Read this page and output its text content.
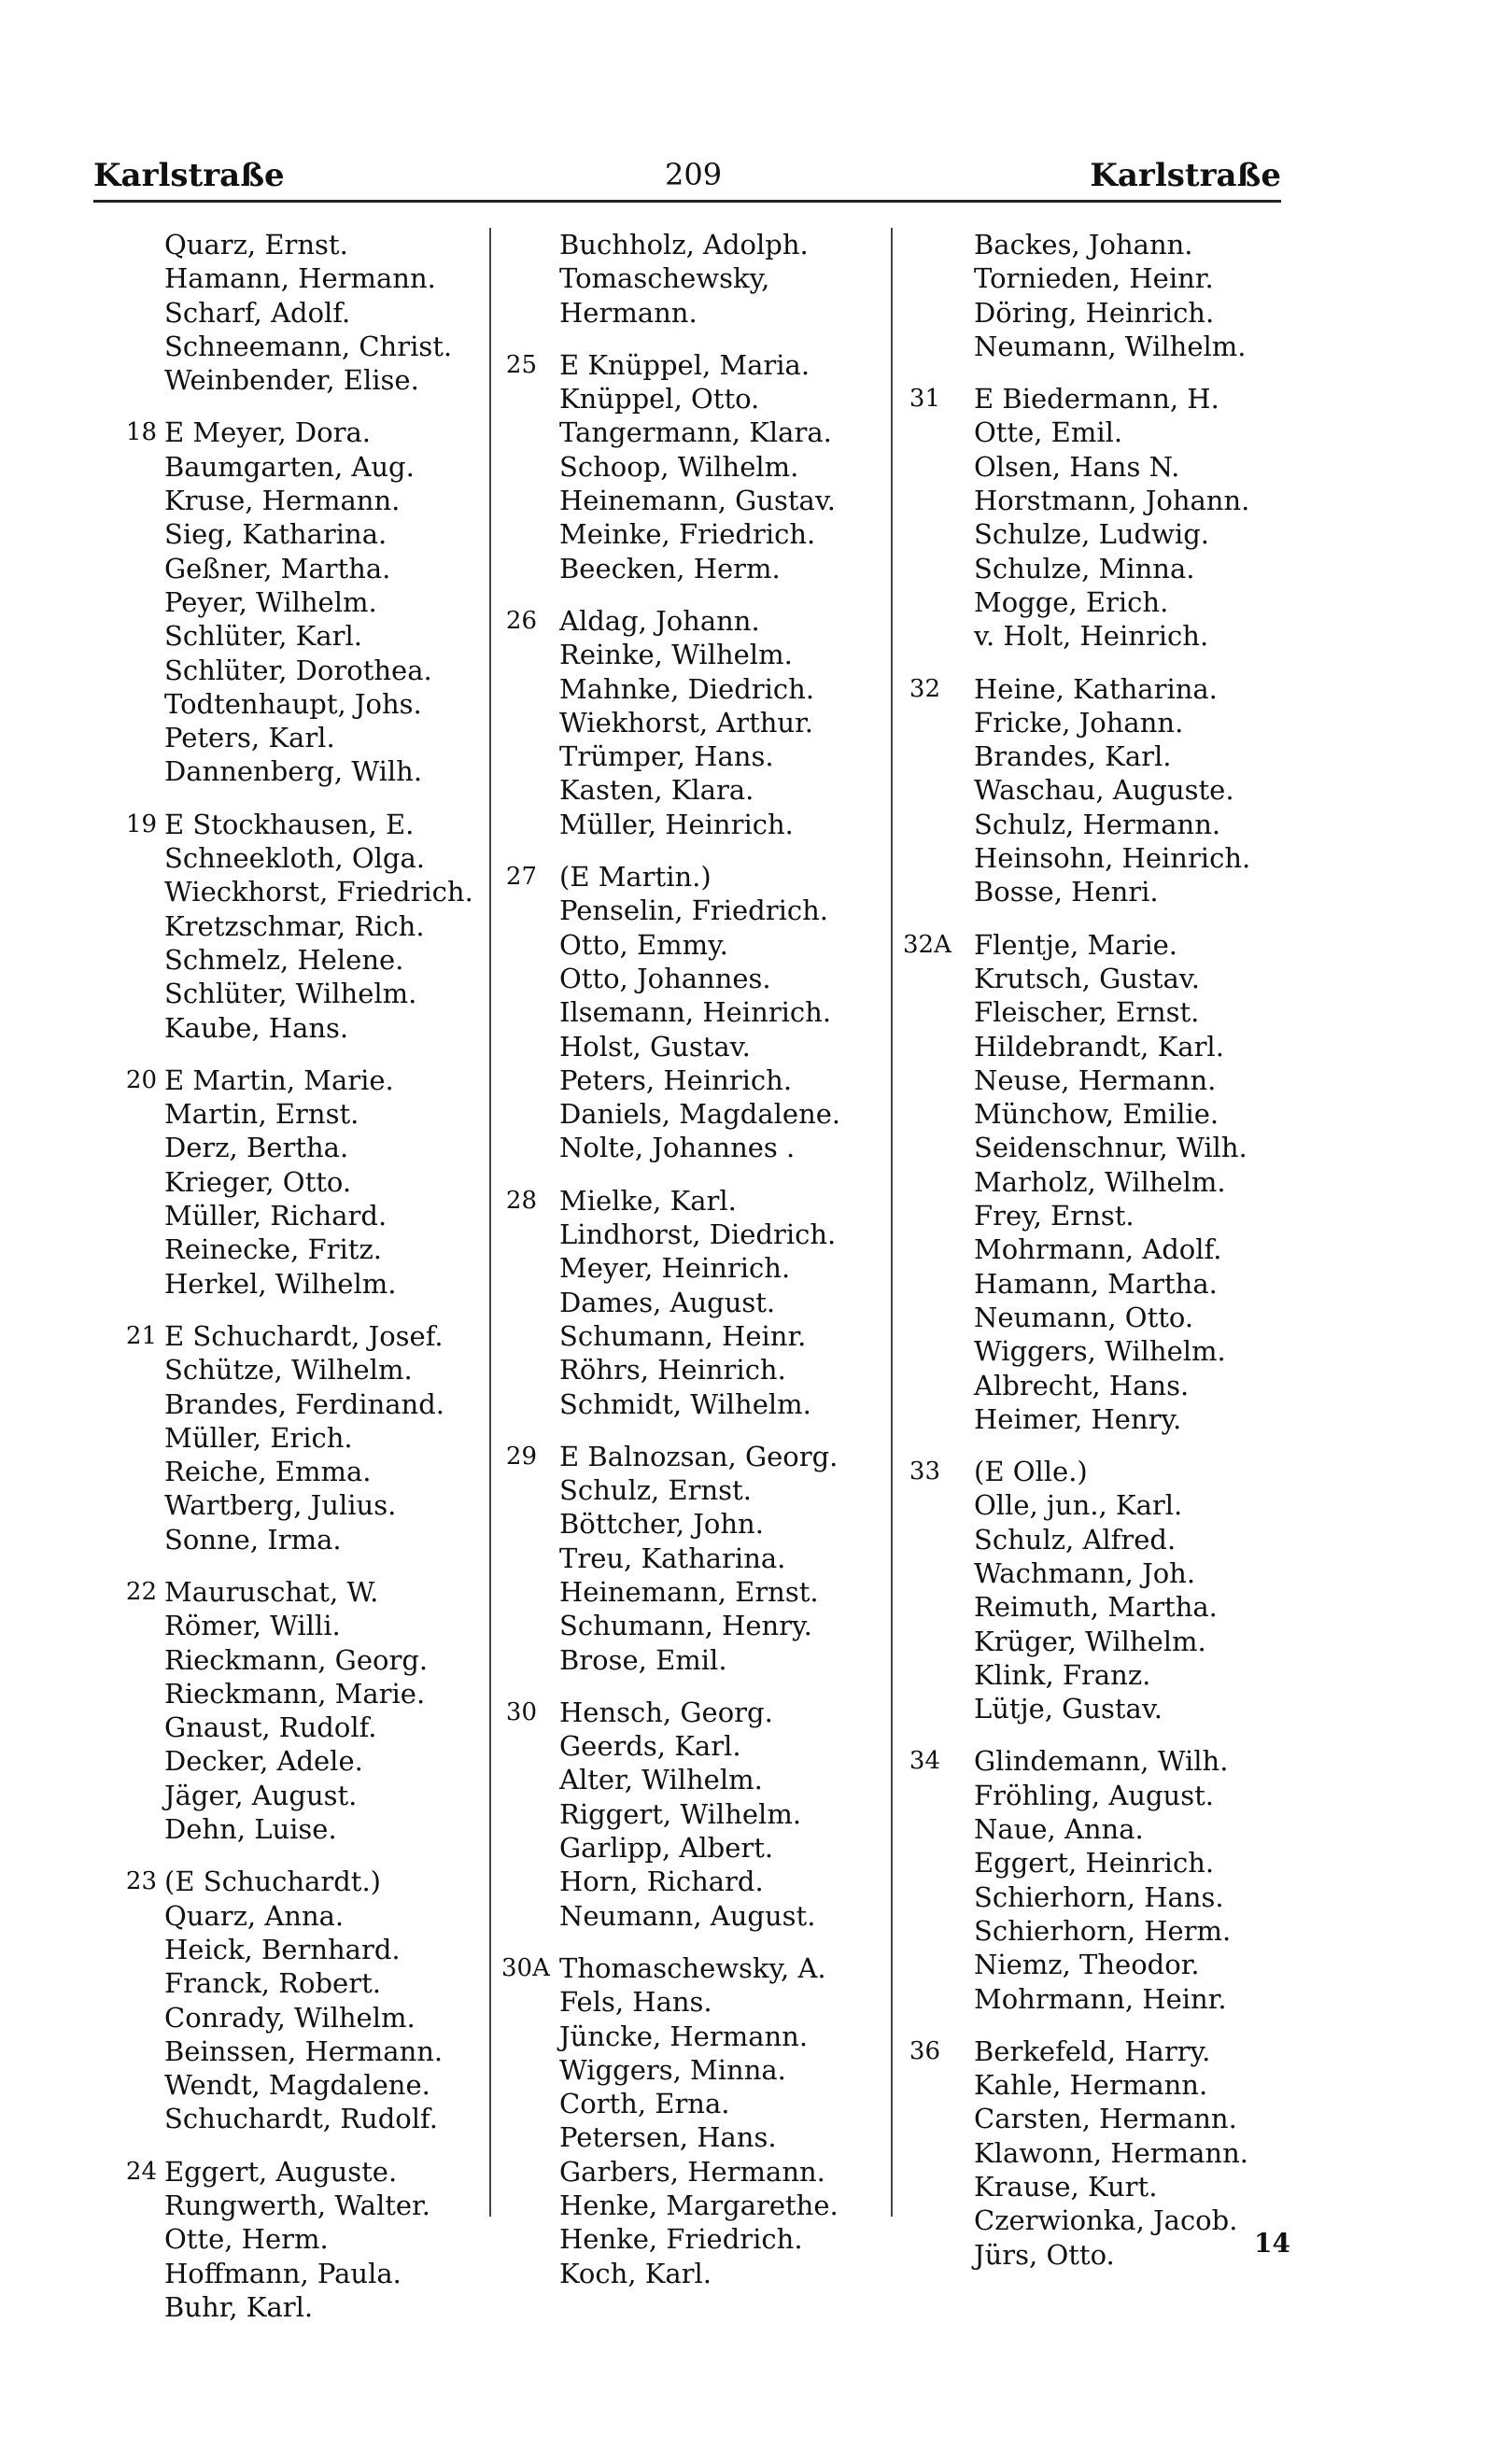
Karlstraße	209	Karlstraße
Quarz, Ernst.
Hamann, Hermann.
Scharf, Adolf.
Schneemann, Christ.
Weinbender, Elise.
18 E Meyer, Dora.
Baumgarten, Aug.
Kruse, Hermann.
Sieg, Katharina.
Geßner, Martha.
Peyer, Wilhelm.
Schlüter, Karl.
Schlüter, Dorothea.
Todtenhaupt, Johs.
Peters, Karl.
Dannenberg, Wilh.
19 E Stockhausen, E.
Schneekloth, Olga.
Wieckhorst, Friedrich.
Kretzschmar, Rich.
Schmelz, Helene.
Schlüter, Wilhelm.
Kaube, Hans.
20 E Martin, Marie.
Martin, Ernst.
Derz, Bertha.
Krieger, Otto.
Müller, Richard.
Reinecke, Fritz.
Herkel, Wilhelm.
21 E Schuchardt, Josef.
Schütze, Wilhelm.
Brandes, Ferdinand.
Müller, Erich.
Reiche, Emma.
Wartberg, Julius.
Sonne, Irma.
22 Mauruschat, W.
Römer, Willi.
Rieckmann, Georg.
Rieckmann, Marie.
Gnaust, Rudolf.
Decker, Adele.
Jäger, August.
Dehn, Luise.
23 (E Schuchardt.)
Quarz, Anna.
Heick, Bernhard.
Franck, Robert.
Conrady, Wilhelm.
Beinssen, Hermann.
Wendt, Magdalene.
Schuchardt, Rudolf.
24 Eggert, Auguste.
Rungwerth, Walter.
Otte, Herm.
Hoffmann, Paula.
Buhr, Karl.
Buchholz, Adolph.
Tomaschewsky,
Hermann.
25 E Knüppel, Maria.
Knüppel, Otto.
Tangermann, Klara.
Schoop, Wilhelm.
Heinemann, Gustav.
Meinke, Friedrich.
Beecken, Herm.
26 Aldag, Johann.
Reinke, Wilhelm.
Mahnke, Diedrich.
Wiekhorst, Arthur.
Trümper, Hans.
Kasten, Klara.
Müller, Heinrich.
27 (E Martin.)
Penselin, Friedrich.
Otto, Emmy.
Otto, Johannes.
Ilsemann, Heinrich.
Holst, Gustav.
Peters, Heinrich.
Daniels, Magdalene.
Nolte, Johannes .
28 Mielke, Karl.
Lindhorst, Diedrich.
Meyer, Heinrich.
Dames, August.
Schumann, Heinr.
Röhrs, Heinrich.
Schmidt, Wilhelm.
29 E Balnozsan, Georg.
Schulz, Ernst.
Böttcher, John.
Treu, Katharina.
Heinemann, Ernst.
Schumann, Henry.
Brose, Emil.
30 Hensch, Georg.
Geerds, Karl.
Alter, Wilhelm.
Riggert, Wilhelm.
Garlipp, Albert.
Horn, Richard.
Neumann, August.
30A Thomaschewsky, A.
Fels, Hans.
Jüncke, Hermann.
Wiggers, Minna.
Corth, Erna.
Petersen, Hans.
Garbers, Hermann.
Henke, Margarethe.
Henke, Friedrich.
Koch, Karl.
Backes, Johann.
Tornieden, Heinr.
Döring, Heinrich.
Neumann, Wilhelm.
31 E Biedermann, H.
Otte, Emil.
Olsen, Hans N.
Horstmann, Johann.
Schulze, Ludwig.
Schulze, Minna.
Mogge, Erich.
v. Holt, Heinrich.
32 Heine, Katharina.
Fricke, Johann.
Brandes, Karl.
Waschau, Auguste.
Schulz, Hermann.
Heinsohn, Heinrich.
Bosse, Henri.
32A Flentje, Marie.
Krutsch, Gustav.
Fleischer, Ernst.
Hildebrandt, Karl.
Neuse, Hermann.
Münchow, Emilie.
Seidenschnur, Wilh.
Marholz, Wilhelm.
Frey, Ernst.
Mohrmann, Adolf.
Hamann, Martha.
Neumann, Otto.
Wiggers, Wilhelm.
Albrecht, Hans.
Heimer, Henry.
33 (E Olle.)
Olle, jun., Karl.
Schulz, Alfred.
Wachmann, Joh.
Reimuth, Martha.
Krüger, Wilhelm.
Klink, Franz.
Lütje, Gustav.
34 Glindemann, Wilh.
Fröhling, August.
Naue, Anna.
Eggert, Heinrich.
Schierhorn, Hans.
Schierhorn, Herm.
Niemz, Theodor.
Mohrmann, Heinr.
36 Berkefeld, Harry.
Kahle, Hermann.
Carsten, Hermann.
Klawonn, Hermann.
Krause, Kurt.
Czerwionka, Jacob.
Jürs, Otto.	14
